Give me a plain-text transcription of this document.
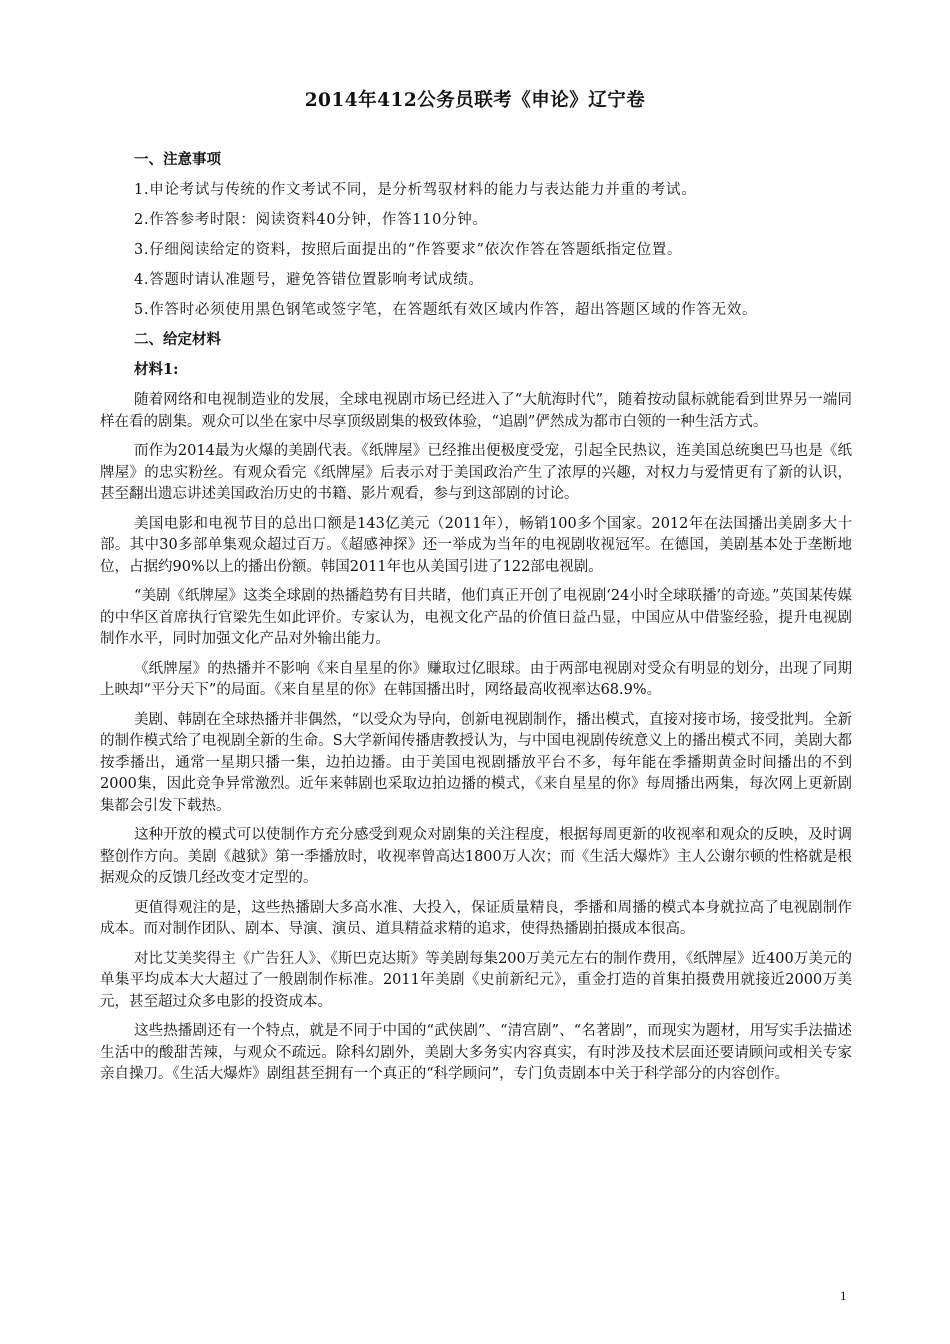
2014年412公务员联考《申论》辽宁卷
一、注意事项
1.申论考试与传统的作文考试不同，是分析驾驭材料的能力与表达能力并重的考试。
2.作答参考时限：阅读资料40分钟，作答110分钟。
3.仔细阅读给定的资料，按照后面提出的“作答要求”依次作答在答题纸指定位置。
4.答题时请认准题号，避免答错位置影响考试成绩。
5.作答时必须使用黑色钢笔或签字笔，在答题纸有效区域内作答，超出答题区域的作答无效。
二、给定材料
材料1:

随着网络和电视制造业的发展，全球电视剧市场已经进入了“大航海时代”，随着按动鼠标就能看到世界另一端同样在看的剧集。观众可以坐在家中尽享顶级剧集的极致体验，“追剧”俨然成为都市白领的一种生活方式。

而作为2014最为火爆的美剧代表。《纸牌屋》已经推出便极度受宠，引起全民热议，连美国总统奥巴马也是《纸牌屋》的忠实粉丝。有观众看完《纸牌屋》后表示对于美国政治产生了浓厚的兴趣，对权力与爱情更有了新的认识，甚至翻出遗忘讲述美国政治历史的书籍、影片观看，参与到这部剧的讨论。

美国电影和电视节目的总出口额是143亿美元（2011年），畅销100多个国家。2012年在法国播出美剧多大十部。其中30多部单集观众超过百万。《超感神探》还一举成为当年的电视剧收视冠军。在德国，美剧基本处于垄断地位，占据约90%以上的播出份额。韩国2011年也从美国引进了122部电视剧。

“美剧《纸牌屋》这类全球剧的热播趋势有目共睹，他们真正开创了电视剧‘24小时全球联播’的奇迹。”英国某传媒的中华区首席执行官梁先生如此评价。专家认为，电视文化产品的价值日益凸显，中国应从中借鉴经验，提升电视剧制作水平，同时加强文化产品对外输出能力。

《纸牌屋》的热播并不影响《来自星星的你》赚取过亿眼球。由于两部电视剧对受众有明显的划分，出现了同期上映却“平分天下”的局面。《来自星星的你》在韩国播出时，网络最高收视率达68.9%。

美剧、韩剧在全球热播并非偶然，“以受众为导向，创新电视剧制作，播出模式，直接对接市场，接受批判。全新的制作模式给了电视剧全新的生命。S大学新闻传播唐教授认为，与中国电视剧传统意义上的播出模式不同，美剧大都按季播出，通常一星期只播一集，边拍边播。由于美国电视剧播放平台不多，每年能在季播期黄金时间播出的不到2000集，因此竞争异常激烈。近年来韩剧也采取边拍边播的模式，《来自星星的你》每周播出两集，每次网上更新剧集都会引发下载热。

这种开放的模式可以使制作方充分感受到观众对剧集的关注程度，根据每周更新的收视率和观众的反映，及时调整创作方向。美剧《越狱》第一季播放时，收视率曾高达1800万人次；而《生活大爆炸》主人公谢尔顿的性格就是根据观众的反馈几经改变才定型的。

更值得观注的是，这些热播剧大多高水准、大投入，保证质量精良，季播和周播的模式本身就拉高了电视剧制作成本。而对制作团队、剧本、导演、演员、道具精益求精的追求，使得热播剧拍摄成本很高。

对比艾美奖得主《广告狂人》、《斯巴克达斯》等美剧每集200万美元左右的制作费用，《纸牌屋》近400万美元的单集平均成本大大超过了一般剧制作标准。2011年美剧《史前新纪元》，重金打造的首集拍摄费用就接近2000万美元，甚至超过众多电影的投资成本。

这些热播剧还有一个特点，就是不同于中国的“武侠剧”、“清宫剧”、“名著剧”，而现实为题材，用写实手法描述生活中的酸甜苦辣，与观众不疏远。除科幻剧外，美剧大多务实内容真实，有时涉及技术层面还要请顾问或相关专家亲自操刀。《生活大爆炸》剧组甚至拥有一个真正的“科学顾问”，专门负责剧本中关于科学部分的内容创作。

1
